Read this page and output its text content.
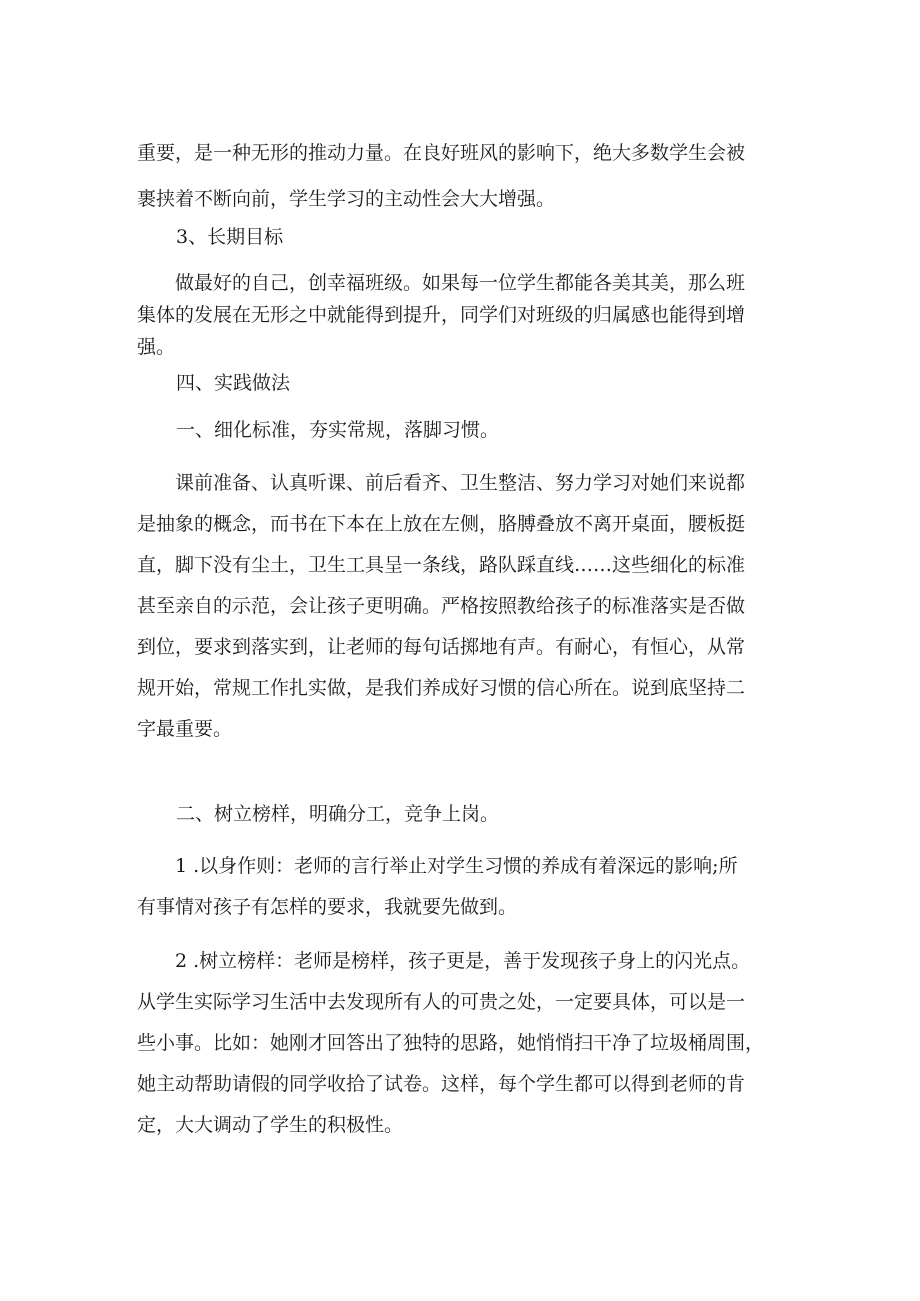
重要，是一种无形的推动力量。在良好班风的影响下，绝大多数学生会被
裹挟着不断向前，学生学习的主动性会大大增强。
3、长期目标
　　做最好的自己，创幸福班级。如果每一位学生都能各美其美，那么班
集体的发展在无形之中就能得到提升，同学们对班级的归属感也能得到增
强。
四、实践做法
一、细化标准，夯实常规，落脚习惯。
　　课前准备、认真听课、前后看齐、卫生整洁、努力学习对她们来说都
是抽象的概念，而书在下本在上放在左侧，胳膊叠放不离开桌面，腰板挺
直，脚下没有尘土，卫生工具呈一条线，路队踩直线……这些细化的标准
甚至亲自的示范，会让孩子更明确。严格按照教给孩子的标准落实是否做
到位，要求到落实到，让老师的每句话掷地有声。有耐心，有恒心，从常
规开始，常规工作扎实做，是我们养成好习惯的信心所在。说到底坚持二
字最重要。
二、树立榜样，明确分工，竞争上岗。
　　1 .以身作则：老师的言行举止对学生习惯的养成有着深远的影响;所
有事情对孩子有怎样的要求，我就要先做到。
　　2 .树立榜样：老师是榜样，孩子更是，善于发现孩子身上的闪光点。
从学生实际学习生活中去发现所有人的可贵之处，一定要具体，可以是一
些小事。比如：她刚才回答出了独特的思路，她悄悄扫干净了垃圾桶周围，
她主动帮助请假的同学收拾了试卷。这样，每个学生都可以得到老师的肯
定，大大调动了学生的积极性。
